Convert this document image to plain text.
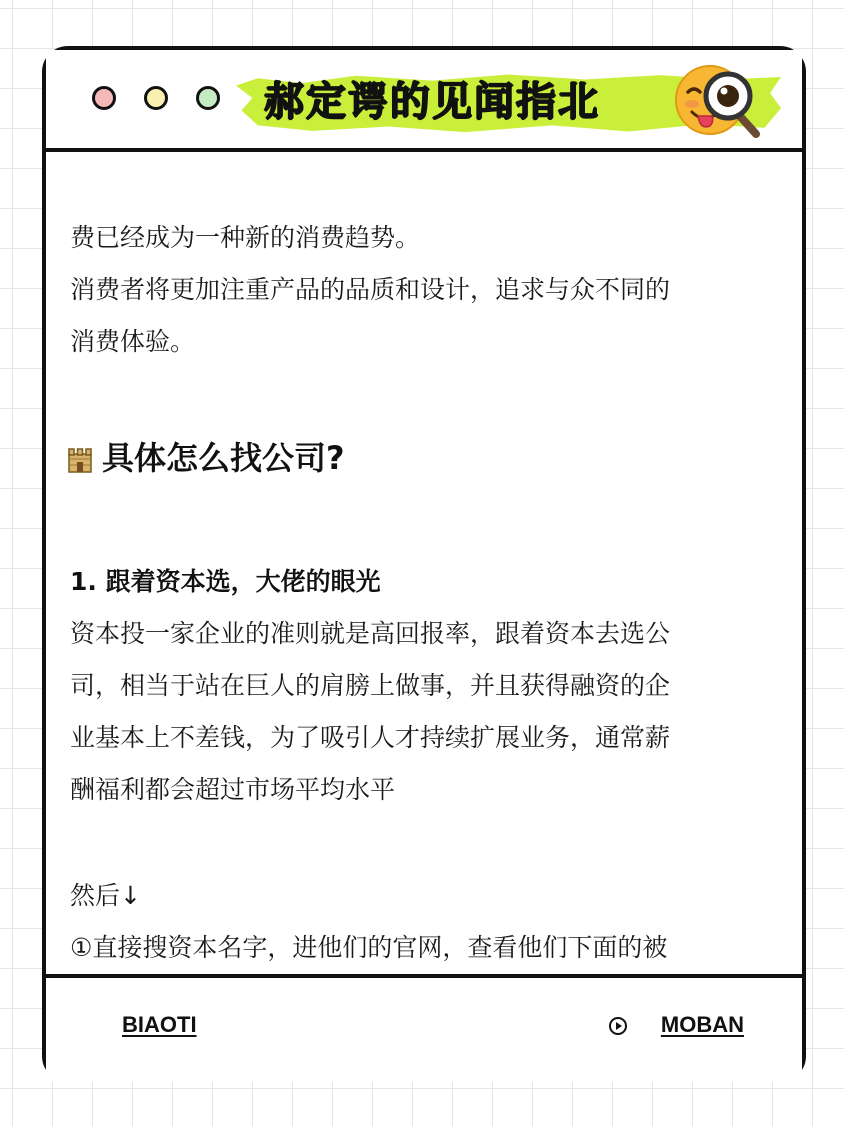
郝定谔的见闻指北
费已经成为一种新的消费趋势。
消费者将更加注重产品的品质和设计，追求与众不同的
消费体验。
具体怎么找公司?
1. 跟着资本选，大佬的眼光
资本投一家企业的准则就是高回报率，跟着资本去选公
司，相当于站在巨人的肩膀上做事，并且获得融资的企
业基本上不差钱，为了吸引人才持续扩展业务，通常薪
酬福利都会超过市场平均水平
然后↓
①直接搜资本名字，进他们的官网，查看他们下面的被
BIAOTI	MOBAN
